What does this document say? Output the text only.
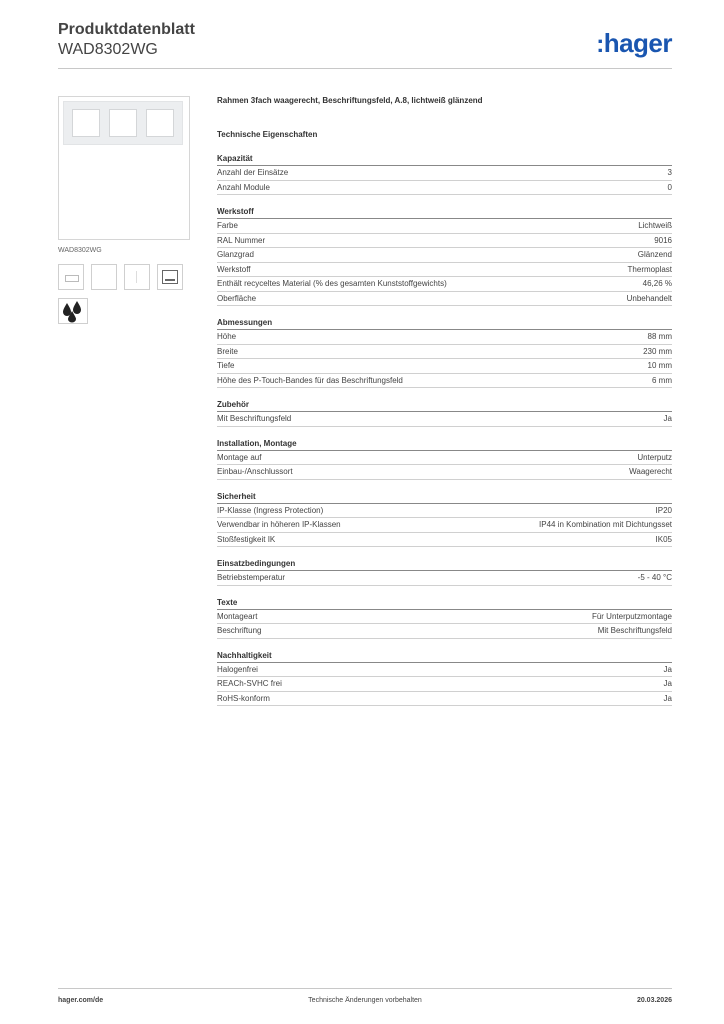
Produktdatenblatt
WAD8302WG	:hager
WAD8302WG
Rahmen 3fach waagerecht, Beschriftungsfeld, A.8, lichtweiß glänzend
Technische Eigenschaften
Kapazität
Anzahl der Einsätze	3
Anzahl Module	0
Werkstoff
Farbe	Lichtweiß
RAL Nummer	9016
Glanzgrad	Glänzend
Werkstoff	Thermoplast
Enthält recyceltes Material (% des gesamten Kunststoffgewichts)	46,26 %
Oberfläche	Unbehandelt
Abmessungen
Höhe	88 mm
Breite	230 mm
Tiefe	10 mm
Höhe des P-Touch-Bandes für das Beschriftungsfeld	6 mm
Zubehör
Mit Beschriftungsfeld	Ja
Installation, Montage
Montage auf	Unterputz
Einbau-/Anschlussort	Waagerecht
Sicherheit
IP-Klasse (Ingress Protection)	IP20
Verwendbar in höheren IP-Klassen	IP44 in Kombination mit Dichtungsset
Stoßfestigkeit IK	IK05
Einsatzbedingungen
Betriebstemperatur	-5 - 40 °C
Texte
Montageart	Für Unterputzmontage
Beschriftung	Mit Beschriftungsfeld
Nachhaltigkeit
Halogenfrei	Ja
REACh-SVHC frei	Ja
RoHS-konform	Ja
hager.com/de	Technische Änderungen vorbehalten	20.03.2026
